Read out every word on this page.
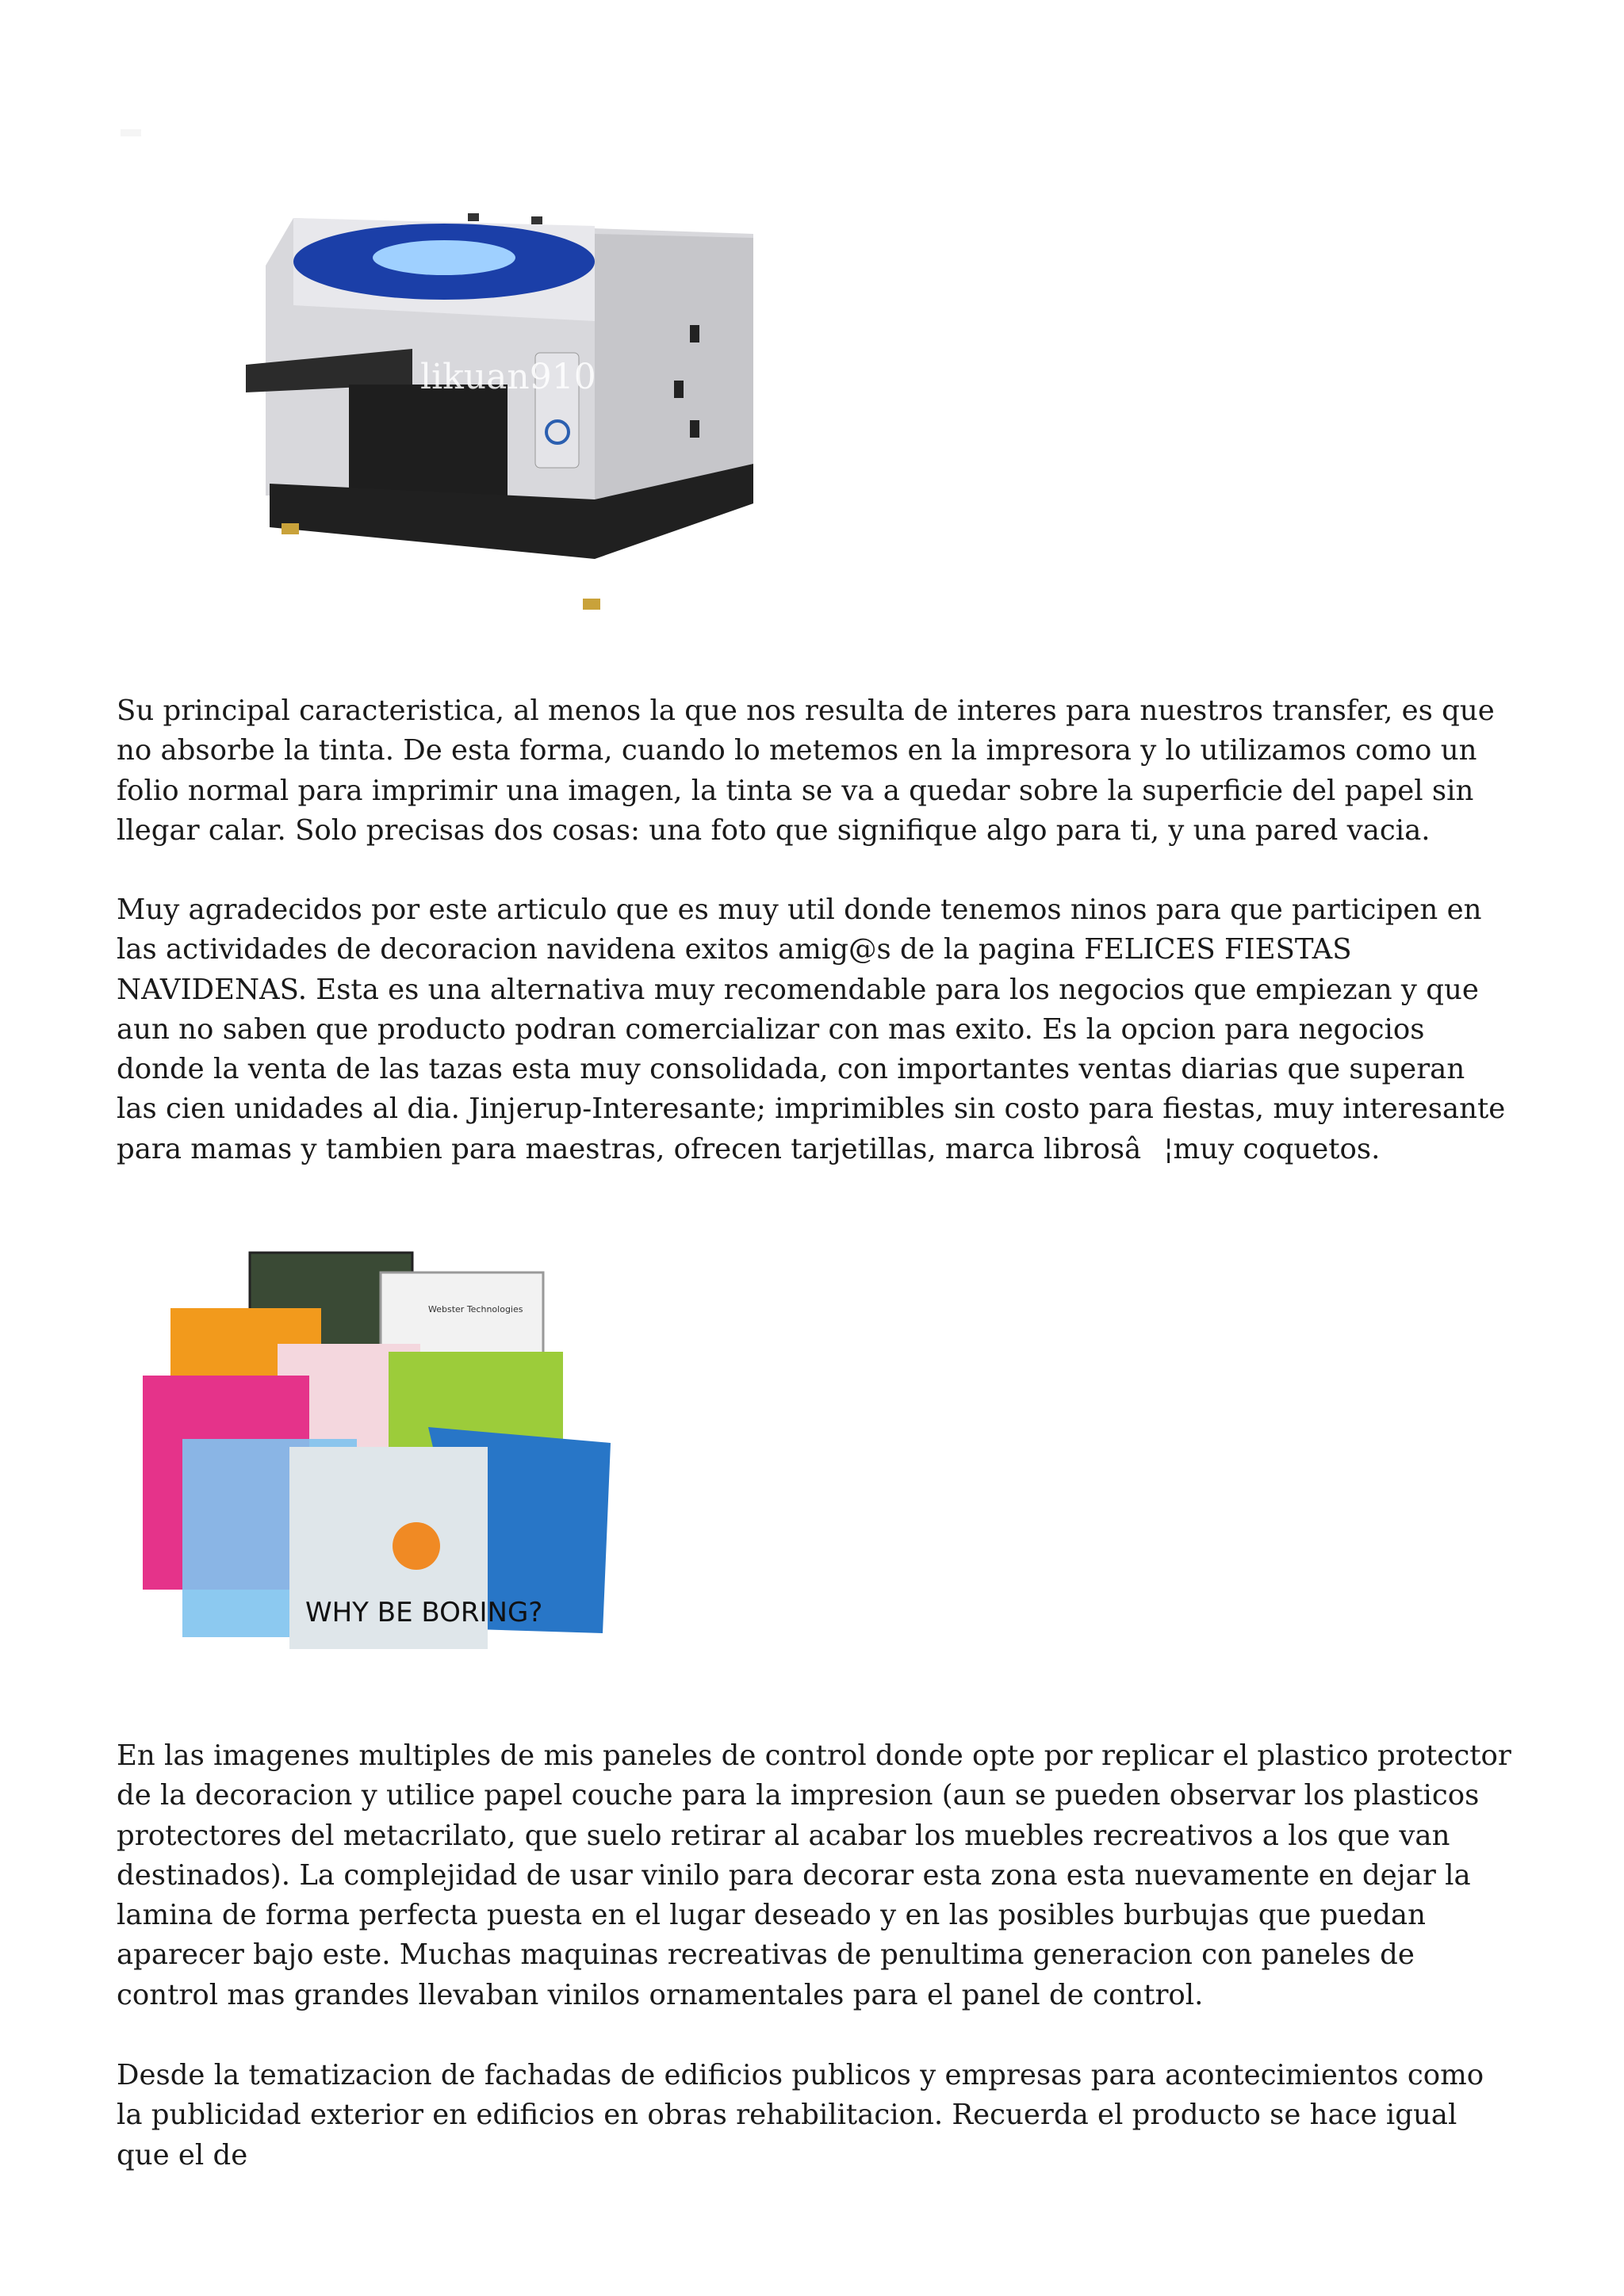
likuan910

Su principal caracteristica, al menos la que nos resulta de interes para nuestros transfer, es que no absorbe la tinta. De esta forma, cuando lo metemos en la impresora y lo utilizamos como un folio normal para imprimir una imagen, la tinta se va a quedar sobre la superficie del papel sin llegar calar. Solo precisas dos cosas: una foto que signifique algo para ti, y una pared vacia.

Muy agradecidos por este articulo que es muy util donde tenemos ninos para que participen en las actividades de decoracion navidena exitos amig@s de la pagina FELICES FIESTAS NAVIDENAS. Esta es una alternativa muy recomendable para los negocios que empiezan y que aun no saben que producto podran comercializar con mas exito. Es la opcion para negocios donde la venta de las tazas esta muy consolidada, con importantes ventas diarias que superan las cien unidades al dia. Jinjerup-Interesante; imprimibles sin costo para fiestas, muy interesante para mamas y tambien para maestras, ofrecen tarjetillas, marca librosâ¦muy coquetos.

Webster Technologies
WHY BE BORING?

En las imagenes multiples de mis paneles de control donde opte por replicar el plastico protector de la decoracion y utilice papel couche para la impresion (aun se pueden observar los plasticos protectores del metacrilato, que suelo retirar al acabar los muebles recreativos a los que van destinados). La complejidad de usar vinilo para decorar esta zona esta nuevamente en dejar la lamina de forma perfecta puesta en el lugar deseado y en las posibles burbujas que puedan aparecer bajo este. Muchas maquinas recreativas de penultima generacion con paneles de control mas grandes llevaban vinilos ornamentales para el panel de control.

Desde la tematizacion de fachadas de edificios publicos y empresas para acontecimientos como la publicidad exterior en edificios en obras rehabilitacion. Recuerda el producto se hace igual que el de
